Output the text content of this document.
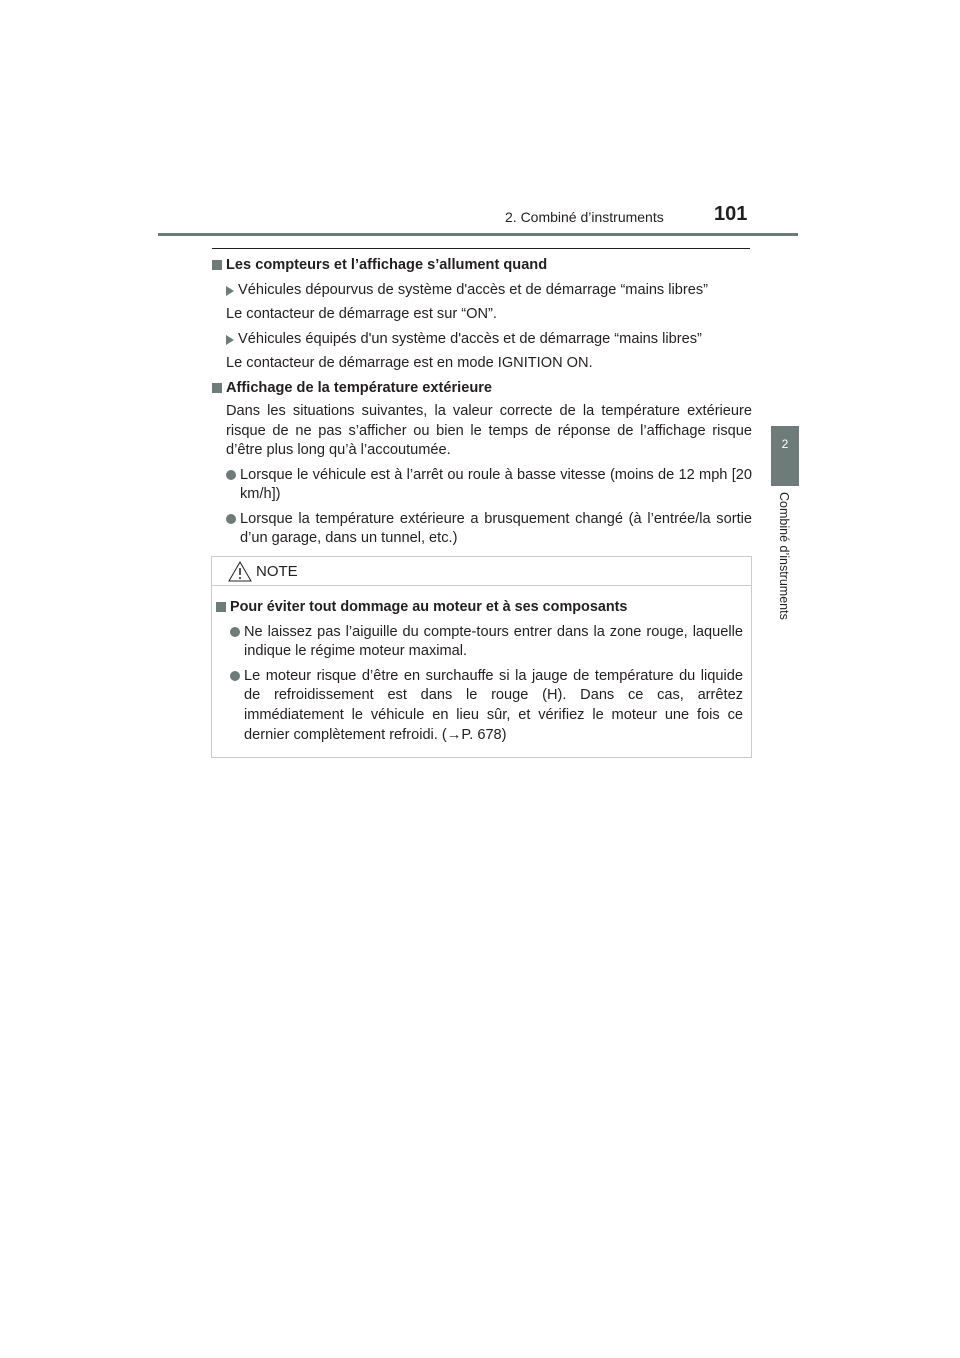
2. Combiné d’instruments	101
2
Combiné d’instruments

Les compteurs et l’affichage s’allument quand

Véhicules dépourvus de système d'accès et de démarrage “mains libres”

Le contacteur de démarrage est sur “ON”.

Véhicules équipés d'un système d'accès et de démarrage “mains libres”

Le contacteur de démarrage est en mode IGNITION ON.

Affichage de la température extérieure

Dans les situations suivantes, la valeur correcte de la température extérieure risque de ne pas s’afficher ou bien le temps de réponse de l’affichage risque d’être plus long qu’à l’accoutumée.

Lorsque le véhicule est à l’arrêt ou roule à basse vitesse (moins de 12 mph [20 km/h])

Lorsque la température extérieure a brusquement changé (à l’entrée/la sortie d’un garage, dans un tunnel, etc.)

NOTE

Pour éviter tout dommage au moteur et à ses composants

Ne laissez pas l’aiguille du compte-tours entrer dans la zone rouge, laquelle indique le régime moteur maximal.

Le moteur risque d’être en surchauffe si la jauge de température du liquide de refroidissement est dans le rouge (H). Dans ce cas, arrêtez immédiatement le véhicule en lieu sûr, et vérifiez le moteur une fois ce dernier complètement refroidi. (→P. 678)
